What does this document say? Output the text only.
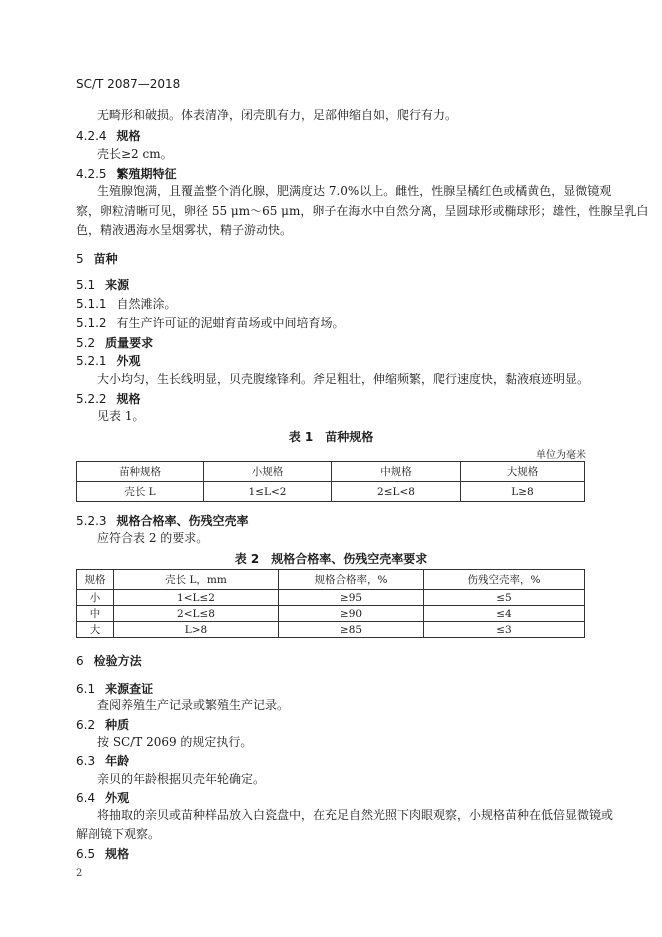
SC/T 2087—2018
无畸形和破损。体表清净，闭壳肌有力，足部伸缩自如，爬行有力。
4.2.4 规格
壳长≥2 cm。
4.2.5 繁殖期特征
生殖腺饱满，且覆盖整个消化腺，肥满度达 7.0%以上。雌性，性腺呈橘红色或橘黄色，显微镜观
察，卵粒清晰可见，卵径 55 μm～65 μm，卵子在海水中自然分离，呈圆球形或椭球形；雄性，性腺呈乳白
色，精液遇海水呈烟雾状，精子游动快。
5 苗种
5.1 来源
5.1.1 自然滩涂。
5.1.2 有生产许可证的泥蚶育苗场或中间培育场。
5.2 质量要求
5.2.1 外观
大小均匀，生长线明显，贝壳腹缘锋利。斧足粗壮，伸缩频繁，爬行速度快，黏液痕迹明显。
5.2.2 规格
见表 1。
表 1　苗种规格
单位为毫米
苗种规格	小规格	中规格	大规格
壳长 L	1≤L<2	2≤L<8	L≥8
5.2.3 规格合格率、伤残空壳率
应符合表 2 的要求。
表 2　规格合格率、伤残空壳率要求
规格	壳长 L，mm	规格合格率，%	伤残空壳率，%
小	1<L≤2	≥95	≤5
中	2<L≤8	≥90	≤4
大	L>8	≥85	≤3
6 检验方法
6.1 来源查证
查阅养殖生产记录或繁殖生产记录。
6.2 种质
按 SC/T 2069 的规定执行。
6.3 年龄
亲贝的年龄根据贝壳年轮确定。
6.4 外观
将抽取的亲贝或苗种样品放入白瓷盘中，在充足自然光照下肉眼观察，小规格苗种在低倍显微镜或
解剖镜下观察。
6.5 规格
2
